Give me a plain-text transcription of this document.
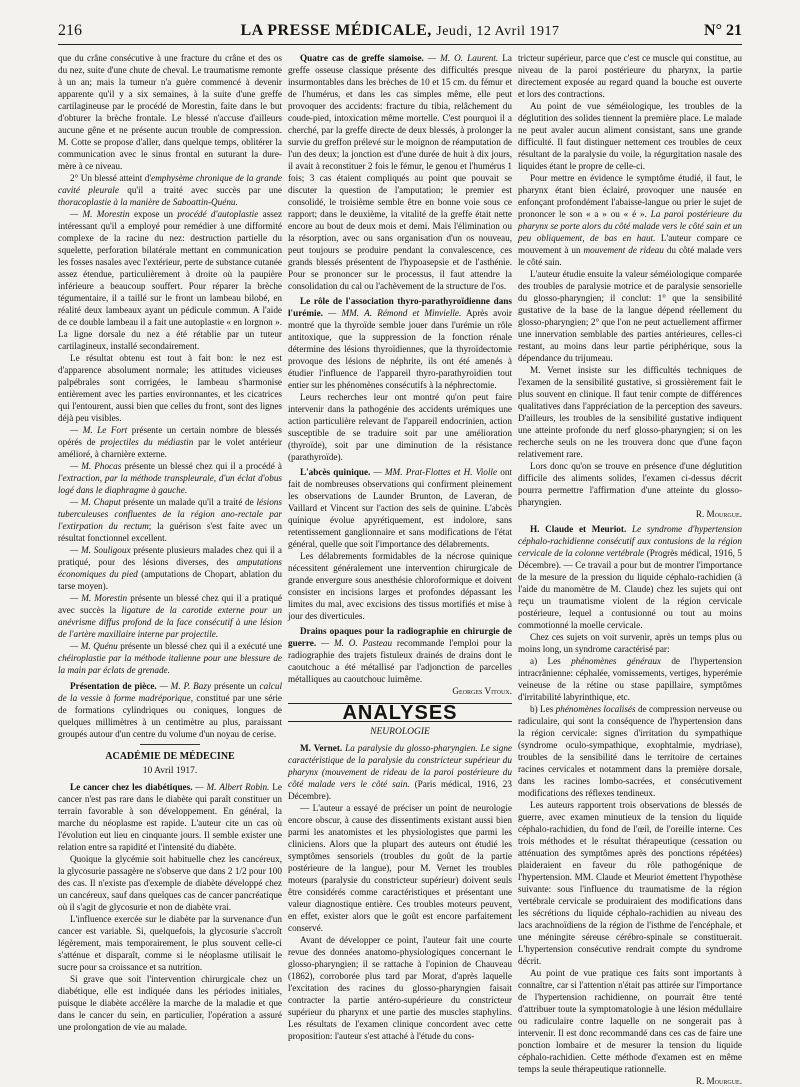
216	LA PRESSE MÉDICALE, Jeudi, 12 Avril 1917	N° 21

que du crâne consécutive à une fracture du crâne et des os du nez, suite d'une chute de cheval. Le traumatisme remonte à un an; mais la tumeur n'a guère commencé à devenir apparente qu'il y a six semaines, à la suite d'une greffe cartilagineuse par le procédé de Morestin, faite dans le but d'obturer la brèche frontale. Le blessé n'accuse d'ailleurs aucune gêne et ne présente aucun trouble de compression. M. Cotte se propose d'aller, dans quelque temps, oblitérer la communication avec le sinus frontal en suturant la dure-mère à ce niveau.

2° Un blessé atteint d'emphysème chronique de la grande cavité pleurale qu'il a traité avec succès par une thoracoplastie à la manière de Saboattin-Quénu.

— M. Morestin expose un procédé d'autoplastie assez intéressant qu'il a employé pour remédier à une difformité complexe de la racine du nez: destruction partielle du squelette, perforation bilatérale mettant en communication les fosses nasales avec l'extérieur, perte de substance cutanée assez étendue, particulièrement à droite où la paupière inférieure a beaucoup souffert. Pour réparer la brèche tégumentaire, il a taillé sur le front un lambeau bilobé, en réalité deux lambeaux ayant un pédicule commun. A l'aide de ce double lambeau il a fait une autoplastie « en lorgnon ». La ligne dorsale du nez a été rétablie par un tuteur cartilagineux, installé secondairement.

Le résultat obtenu est tout à fait bon: le nez est d'apparence absolument normale; les attitudes vicieuses palpébrales sont corrigées, le lambeau s'harmonise entièrement avec les parties environnantes, et les cicatrices qui l'entourent, aussi bien que celles du front, sont des lignes déjà peu visibles.

— M. Le Fort présente un certain nombre de blessés opérés de projectiles du médiastin par le volet antérieur amélioré, à charnière externe.

— M. Phocas présente un blessé chez qui il a procédé à l'extraction, par la méthode transpleurale, d'un éclat d'obus logé dans le diaphragme à gauche.

— M. Chaput présente un malade qu'il a traité de lésions tuberculeuses confluentes de la région ano-rectale par l'extirpation du rectum; la guérison s'est faite avec un résultat fonctionnel excellent.

— M. Souligoux présente plusieurs malades chez qui il a pratiqué, pour des lésions diverses, des amputations économiques du pied (amputations de Chopart, ablation du tarse moyen).

— M. Morestin présente un blessé chez qui il a pratiqué avec succès la ligature de la carotide externe pour un anévrisme diffus profond de la face consécutif à une lésion de l'artère maxillaire interne par projectile.

— M. Quénu présente un blessé chez qui il a exécuté une chéiroplastie par la méthode italienne pour une blessure de la main par éclats de grenade.

Présentation de pièce. — M. P. Bazy présente un calcul de la vessie à forme madréporique, constitué par une série de formations cylindriques ou coniques, longues de quelques millimètres à un centimètre au plus, paraissant groupés autour d'un centre du volume d'un noyau de cerise.

ACADÉMIE DE MÉDECINE
10 Avril 1917.

Le cancer chez les diabétiques. — M. Albert Robin. Le cancer n'est pas rare dans le diabète qui paraît constituer un terrain favorable à son développement. En général, la marche du néoplasme est rapide. L'auteur cite un cas où l'évolution eut lieu en cinquante jours. Il semble exister une relation entre sa rapidité et l'intensité du diabète.

Quoique la glycémie soit habituelle chez les cancéreux, la glycosurie passagère ne s'observe que dans 2 1/2 pour 100 des cas. Il n'existe pas d'exemple de diabète développé chez un cancéreux, sauf dans quelques cas de cancer pancréatique où il s'agit de glycosurie et non de diabète vrai.

L'influence exercée sur le diabète par la survenance d'un cancer est variable. Si, quelquefois, la glycosurie s'accroît légèrement, mais temporairement, le plus souvent celle-ci s'atténue et disparaît, comme si le néoplasme utilisait le sucre pour sa croissance et sa nutrition.

Si grave que soit l'intervention chirurgicale chez un diabétique, elle est indiquée dans les périodes initiales, puisque le diabète accélère la marche de la maladie et que dans le cancer du sein, en particulier, l'opération a assuré une prolongation de vie au malade.

Quatre cas de greffe siamoise. — M. O. Laurent. La greffe osseuse classique présente des difficultés presque insurmontables dans les brèches de 10 et 15 cm. du fémur et de l'humérus, et dans les cas simples même, elle peut provoquer des accidents: fracture du tibia, relâchement du coude-pied, intoxication même mortelle. C'est pourquoi il a cherché, par la greffe directe de deux blessés, à prolonger la survie du greffon prélevé sur le moignon de réamputation de l'un des deux; la jonction est d'une durée de huit à dix jours, il avait à reconstituer 2 fois le fémur, le genou et l'humérus 1 fois; 3 cas étaient compliqués au point que pouvait se discuter la question de l'amputation; le premier est consolidé, le troisième semble être en bonne voie sous ce rapport; dans le deuxième, la vitalité de la greffe était nette encore au bout de deux mois et demi. Mais l'élimination ou la résorption, avec ou sans organisation d'un os nouveau, peut toujours se produire pendant la convalescence, ces grands blessés présentent de l'hypoasepsie et de l'asthénie. Pour se prononcer sur le processus, il faut attendre la consolidation du cal ou l'achèvement de la structure de l'os.

Le rôle de l'association thyro-parathyroïdienne dans l'urémie. — MM. A. Rémond et Minvielle. Après avoir montré que la thyroïde semble jouer dans l'urémie un rôle antitoxique, que la suppression de la fonction rénale détermine des lésions thyroïdiennes, que la thyroïdectomie provoque des lésions de néphrite, ils ont été amenés à étudier l'influence de l'appareil thyro-parathyroïdien tout entier sur les phénomènes consécutifs à la néphrectomie.

Leurs recherches leur ont montré qu'on peut faire intervenir dans la pathogénie des accidents urémiques une action particulière relevant de l'appareil endocrinien, action susceptible de se traduire soit par une amélioration (thyroïde), soit par une diminution de la résistance (parathyroïde).

L'abcès quinique. — MM. Prat-Flottes et H. Violle ont fait de nombreuses observations qui confirment pleinement les observations de Launder Brunton, de Laveran, de Vaillard et Vincent sur l'action des sels de quinine. L'abcès quinique évolue apyrétiquement, est indolore, sans retentissement ganglionnaire et sans modifications de l'état général, quelle que soit l'importance des délabrements.

Les délabrements formidables de la nécrose quinique nécessitent généralement une intervention chirurgicale de grande envergure sous anesthésie chloroformique et doivent consister en incisions larges et profondes dépassant les limites du mal, avec excisions des tissus mortifiés et mise à jour des diverticules.

Drains opaques pour la radiographie en chirurgie de guerre. — M. O. Pasteau recommande l'emploi pour la radiographie des trajets fistuleux drainés de drains dont le caoutchouc a été métallisé par l'adjonction de parcelles métalliques au caoutchouc luimême.

Georges Vitoux.
ANALYSES
NEUROLOGIE

M. Vernet. La paralysie du glosso-pharyngien. Le signe caractéristique de la paralysie du constricteur supérieur du pharynx (mouvement de rideau de la paroi postérieure du côté malade vers le côté sain. (Paris médical, 1916, 23 Décembre).

— L'auteur a essayé de préciser un point de neurologie encore obscur, à cause des dissentiments existant aussi bien parmi les anatomistes et les physiologistes que parmi les cliniciens. Alors que la plupart des auteurs ont étudié les symptômes sensoriels (troubles du goût de la partie postérieure de la langue), pour M. Vernet les troubles moteurs (paralysie du constricteur supérieur) doivent seuls être considérés comme caractéristiques et présentant une valeur diagnostique entière. Ces troubles moteurs peuvent, en effet, exister alors que le goût est encore parfaitement conservé.

Avant de développer ce point, l'auteur fait une courte revue des données anatomo-physiologiques concernant le glosso-pharyngien; il se rattache à l'opinion de Chauveau (1862), corroborée plus tard par Morat, d'après laquelle l'excitation des racines du glosso-pharyngien faisait contracter la partie antéro-supérieure du constricteur supérieur du pharynx et une partie des muscles staphylins. Les résultats de l'examen clinique concordent avec cette proposition: l'auteur s'est attaché à l'étude du cons-

tricteur supérieur, parce que c'est ce muscle qui constitue, au niveau de la paroi postérieure du pharynx, la partie directement exposée au regard quand la bouche est ouverte et lors des contractions.

Au point de vue séméiologique, les troubles de la déglutition des solides tiennent la première place. Le malade ne peut avaler aucun aliment consistant, sans une grande difficulté. Il faut distinguer nettement ces troubles de ceux résultant de la paralysie du voile, la régurgitation nasale des liquides étant le propre de celle-ci.

Pour mettre en évidence le symptôme étudié, il faut, le pharynx étant bien éclairé, provoquer une nausée en enfonçant profondément l'abaisse-langue ou prier le sujet de prononcer le son « a » ou « é ». La paroi postérieure du pharynx se porte alors du côté malade vers le côté sain et un peu obliquement, de bas en haut. L'auteur compare ce mouvement à un mouvement de rideau du côté malade vers le côté sain.

L'auteur étudie ensuite la valeur séméiologique comparée des troubles de paralysie motrice et de paralysie sensorielle du glosso-pharyngien; il conclut: 1° que la sensibilité gustative de la base de la langue dépend réellement du glosso-pharyngien; 2° que l'on ne peut actuellement affirmer une innervation semblable des parties antérieures, celles-ci restant, au moins dans leur partie périphérique, sous la dépendance du trijumeau.

M. Vernet insiste sur les difficultés techniques de l'examen de la sensibilité gustative, si grossièrement fait le plus souvent en clinique. Il faut tenir compte de différences qualitatives dans l'appréciation de la perception des saveurs. D'ailleurs, les troubles de la sensibilité gustative indiquent une atteinte profonde du nerf glosso-pharyngien; si on les recherche seuls on ne les trouvera donc que d'une façon relativement rare.

Lors donc qu'on se trouve en présence d'une déglutition difficile des aliments solides, l'examen ci-dessus décrit pourra permettre l'affirmation d'une atteinte du glosso-pharyngien.

R. Mourgue.

H. Claude et Meuriot. Le syndrome d'hypertension céphalo-rachidienne consécutif aux contusions de la région cervicale de la colonne vertébrale (Progrès médical, 1916, 5 Décembre). — Ce travail a pour but de montrer l'importance de la mesure de la pression du liquide céphalo-rachidien (à l'aide du manomètre de M. Claude) chez les sujets qui ont reçu un traumatisme violent de la région cervicale postérieure, lequel a contusionné ou tout au moins commotionné la moelle cervicale.

Chez ces sujets on voit survenir, après un temps plus ou moins long, un syndrome caractérisé par:

a) Les phénomènes généraux de l'hypertension intracrânienne: céphalée, vomissements, vertiges, hyperémie veineuse de la rétine ou stase papillaire, symptômes d'irritabilité labyrinthique, etc.

b) Les phénomènes localisés de compression nerveuse ou radiculaire, qui sont la conséquence de l'hypertension dans la région cervicale: signes d'irritation du sympathique (syndrome oculo-sympathique, exophtalmie, mydriase), troubles de la sensibilité dans le territoire de certaines racines cervicales et notamment dans la première dorsale, dans les racines lombo-sacrées, et consécutivement modifications des réflexes tendineux.

Les auteurs rapportent trois observations de blessés de guerre, avec examen minutieux de la tension du liquide céphalo-rachidien, du fond de l'œil, de l'oreille interne. Ces trois méthodes et le résultat thérapeutique (cessation ou atténuation des symptômes après des ponctions répétées) plaideraient en faveur du rôle pathogénique de l'hypertension. MM. Claude et Meuriot émettent l'hypothèse suivante: sous l'influence du traumatisme de la région vertébrale cervicale se produiraient des modifications dans les sécrétions du liquide céphalo-rachidien au niveau des lacs arachnoïdiens de la région de l'isthme de l'encéphale, et une méningite séreuse cérébro-spinale se constituerait. L'hypertension consécutive rendrait compte du syndrome décrit.

Au point de vue pratique ces faits sont importants à connaître, car si l'attention n'était pas attirée sur l'importance de l'hypertension rachidienne, on pourrait être tenté d'attribuer toute la symptomatologie à une lésion médullaire ou radiculaire contre laquelle on ne songerait pas à intervenir. Il est donc recommandé dans ces cas de faire une ponction lombaire et de mesurer la tension du liquide céphalo-rachidien. Cette méthode d'examen est en même temps la seule thérapeutique rationnelle.

R. Mourgue.
